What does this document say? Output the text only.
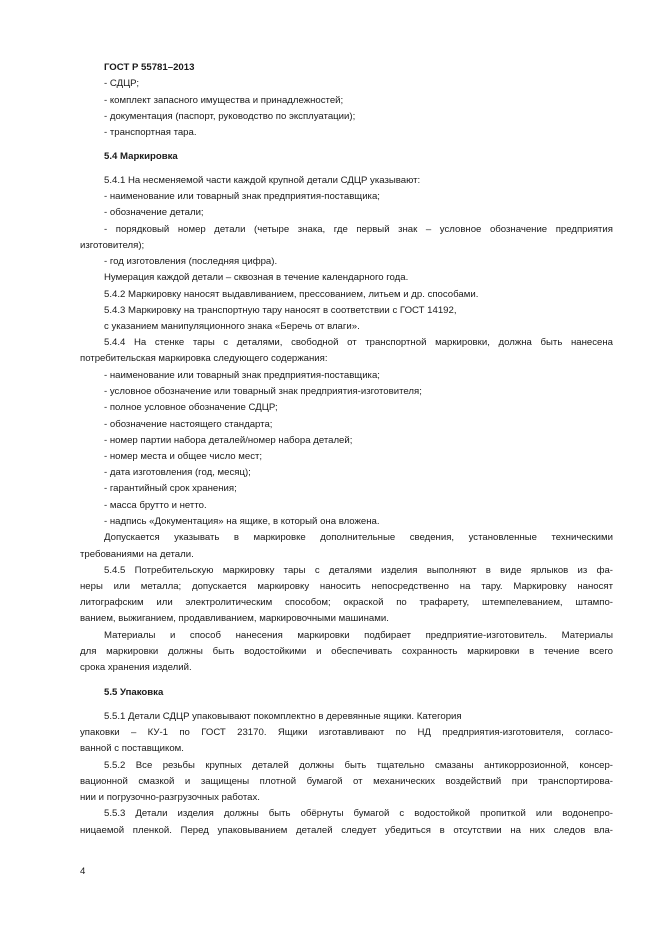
ГОСТ Р 55781–2013
- СДЦР;
- комплект запасного имущества и принадлежностей;
- документация (паспорт, руководство по эксплуатации);
- транспортная тара.
5.4 Маркировка
5.4.1 На несменяемой части каждой крупной детали СДЦР указывают:
- наименование или товарный знак предприятия-поставщика;
- обозначение детали;
- порядковый номер детали (четыре знака, где первый знак – условное обозначение предприятия
изготовителя);
- год изготовления (последняя цифра).
Нумерация каждой детали – сквозная в течение календарного года.
5.4.2 Маркировку наносят выдавливанием, прессованием, литьем и др. способами.
5.4.3 Маркировку на транспортную тару наносят в соответствии с ГОСТ 14192,
с указанием манипуляционного знака «Беречь от влаги».
5.4.4 На стенке тары с деталями, свободной от транспортной маркировки, должна быть нанесена
потребительская маркировка следующего содержания:
- наименование или товарный знак предприятия-поставщика;
- условное обозначение или товарный знак предприятия-изготовителя;
- полное условное обозначение СДЦР;
- обозначение настоящего стандарта;
- номер партии набора деталей/номер набора деталей;
- номер места и общее число мест;
- дата изготовления (год, месяц);
- гарантийный срок хранения;
- масса брутто и нетто.
- надпись «Документация» на ящике, в который она вложена.
Допускается указывать в маркировке дополнительные сведения, установленные техническими
требованиями на детали.
5.4.5 Потребительскую маркировку тары с деталями изделия выполняют в виде ярлыков из фа-
неры или металла; допускается маркировку наносить непосредственно на тару. Маркировку наносят
литографским или электролитическим способом; окраской по трафарету, штемпелеванием, штампо-
ванием, выжиганием, продавливанием, маркировочными машинами.
Материалы и способ нанесения маркировки подбирает предприятие-изготовитель. Материалы
для маркировки должны быть водостойкими и обеспечивать сохранность маркировки в течение всего
срока хранения изделий.
5.5 Упаковка
5.5.1 Детали СДЦР упаковывают покомплектно в деревянные ящики. Категория
упаковки – КУ-1 по ГОСТ 23170. Ящики изготавливают по НД предприятия-изготовителя, согласо-
ванной с поставщиком.
5.5.2 Все резьбы крупных деталей должны быть тщательно смазаны антикоррозионной, консер-
вационной смазкой и защищены плотной бумагой от механических воздействий при транспортирова-
нии и погрузочно-разгрузочных работах.
5.5.3 Детали изделия должны быть обёрнуты бумагой с водостойкой пропиткой или водонепро-
ницаемой пленкой. Перед упаковыванием деталей следует убедиться в отсутствии на них следов вла-
4
